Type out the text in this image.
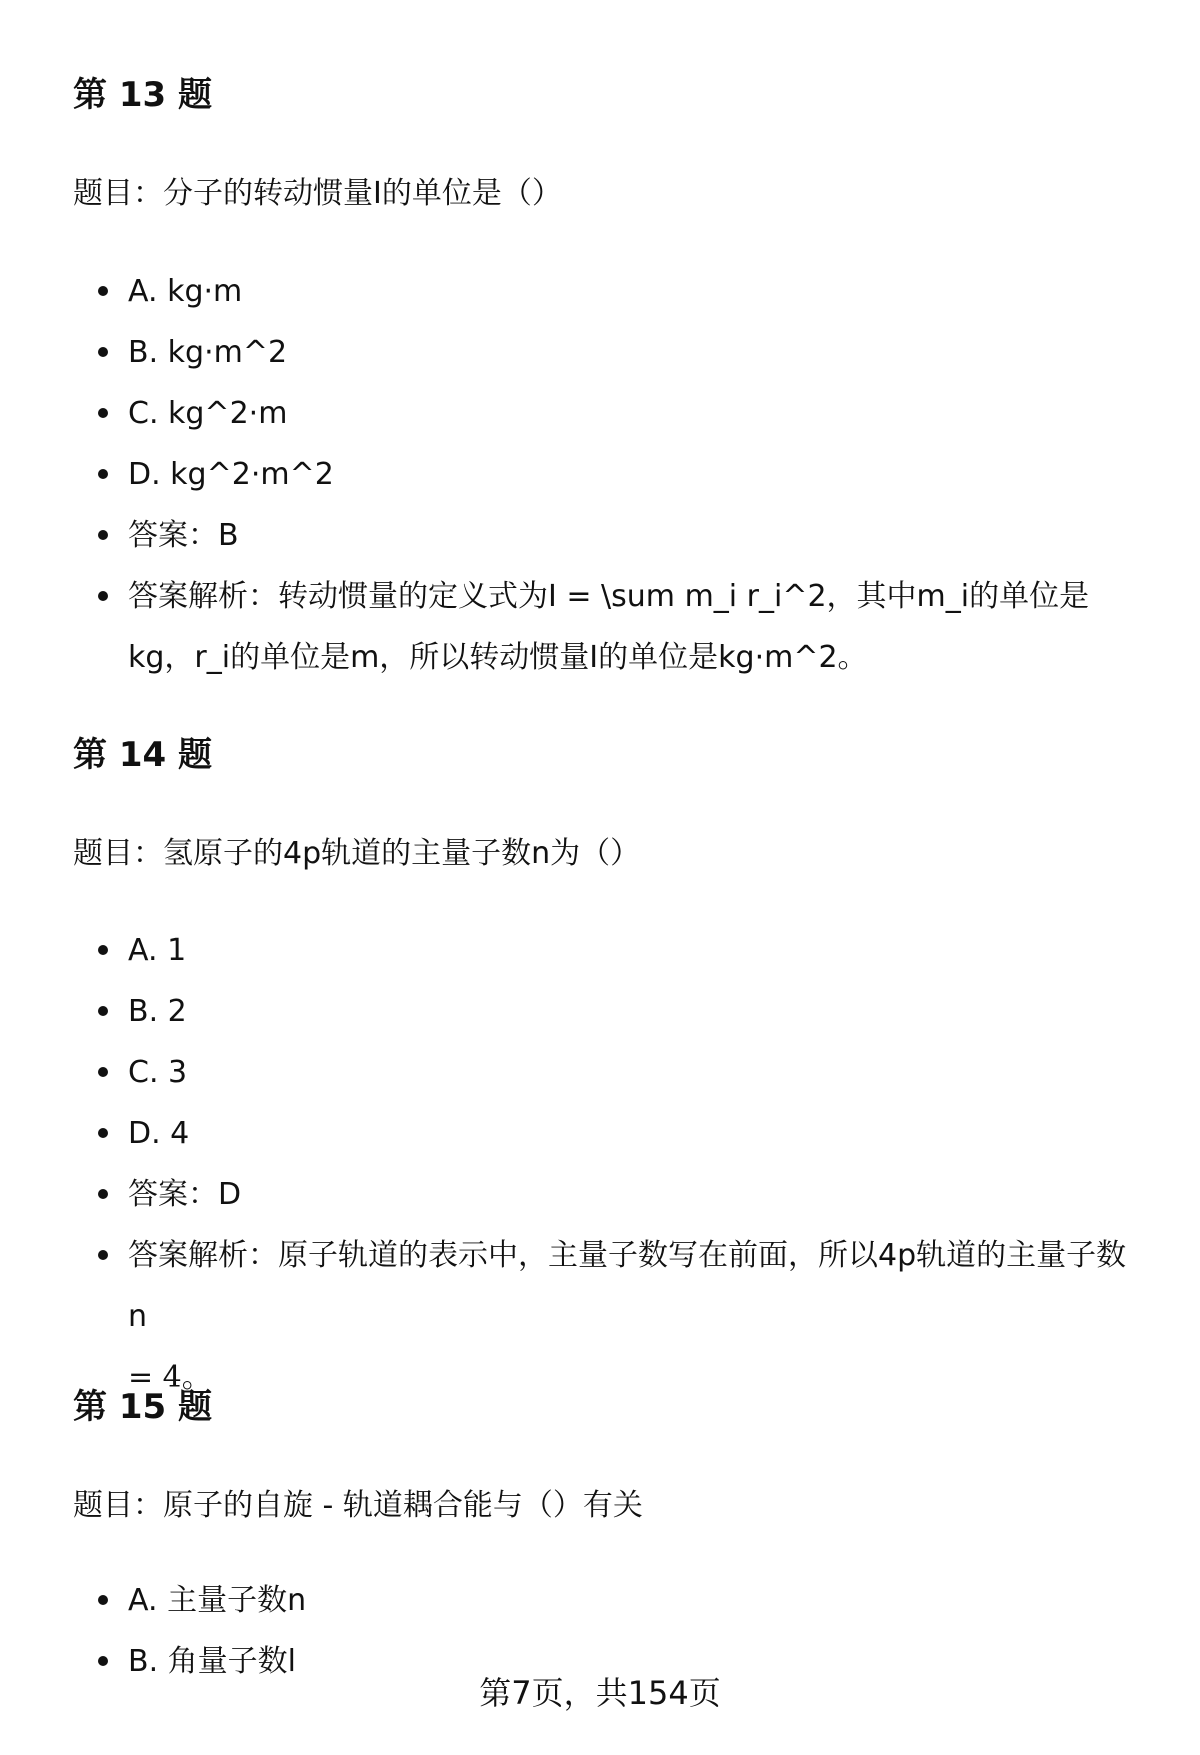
第 13 题

题目：分子的转动惯量I的单位是（）

A. kg·m
B. kg·m^2
C. kg^2·m
D. kg^2·m^2
答案：B
答案解析：转动惯量的定义式为I = \sum m_i r_i^2，其中m_i的单位是
kg，r_i的单位是m，所以转动惯量I的单位是kg·m^2。
第 14 题

题目：氢原子的4p轨道的主量子数n为（）

A. 1
B. 2
C. 3
D. 4
答案：D
答案解析：原子轨道的表示中，主量子数写在前面，所以4p轨道的主量子数n
= 4。
第 15 题

题目：原子的自旋 - 轨道耦合能与（）有关

A. 主量子数n
B. 角量子数l
第7页，共154页
